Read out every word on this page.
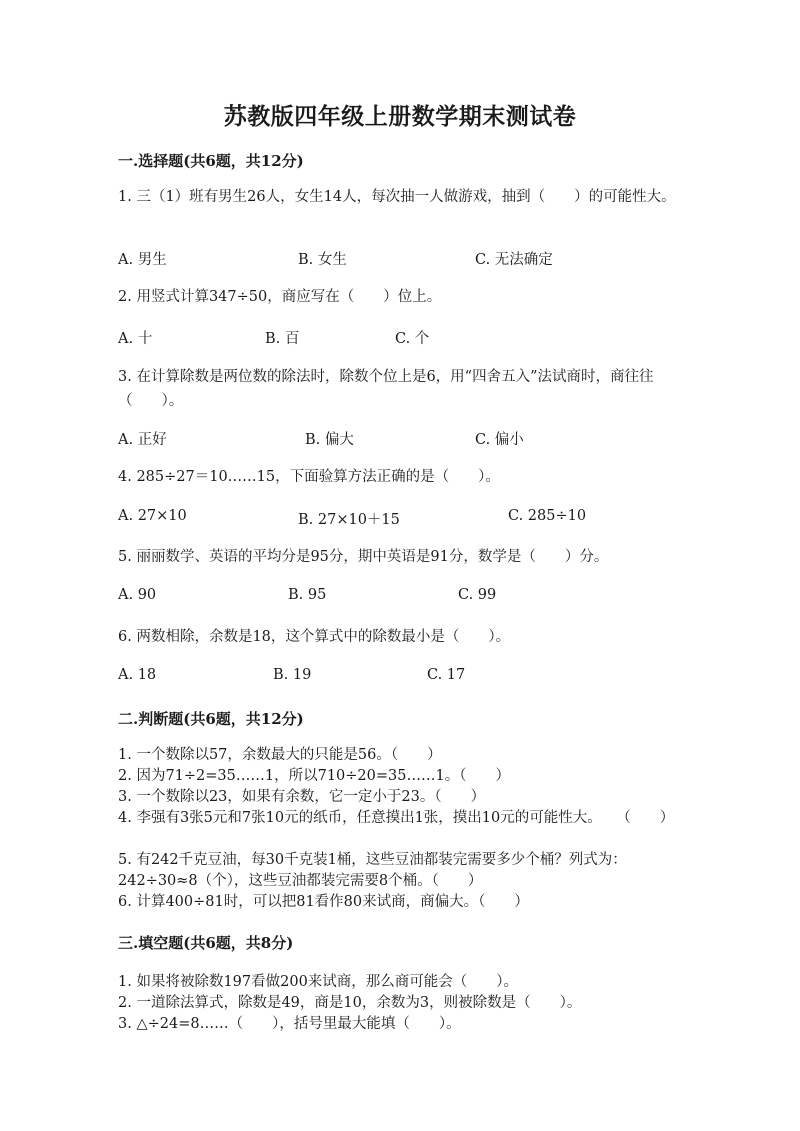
苏教版四年级上册数学期末测试卷
一.选择题(共6题，共12分)
1. 三（1）班有男生26人，女生14人，每次抽一人做游戏，抽到（　　）的可能性大。
A. 男生	B. 女生	C. 无法确定
2. 用竖式计算347÷50，商应写在（　　）位上。
A. 十	B. 百	C. 个
3. 在计算除数是两位数的除法时，除数个位上是6，用“四舍五入”法试商时，商往往（　　）。
A. 正好	B. 偏大	C. 偏小
4. 285÷27＝10……15，下面验算方法正确的是（　　）。
A. 27×10	B. 27×10＋15	C. 285÷10
5. 丽丽数学、英语的平均分是95分，期中英语是91分，数学是（　　）分。
A. 90	B. 95	C. 99
6. 两数相除，余数是18，这个算式中的除数最小是（　　）。
A. 18	B. 19	C. 17
二.判断题(共6题，共12分)
1. 一个数除以57，余数最大的只能是56。（　　）
2. 因为71÷2=35……1，所以710÷20=35……1。（　　）
3. 一个数除以23，如果有余数，它一定小于23。（　　）
4. 李强有3张5元和7张10元的纸币，任意摸出1张，摸出10元的可能性大。　　（　　）
5. 有242千克豆油，每30千克装1桶，这些豆油都装完需要多少个桶？列式为：242÷30≈8（个），这些豆油都装完需要8个桶。（　　）
6. 计算400÷81时，可以把81看作80来试商，商偏大。（　　）
三.填空题(共6题，共8分)
1. 如果将被除数197看做200来试商，那么商可能会（　　）。
2. 一道除法算式，除数是49，商是10，余数为3，则被除数是（　　）。
3. △÷24=8……（　　），括号里最大能填（　　）。
